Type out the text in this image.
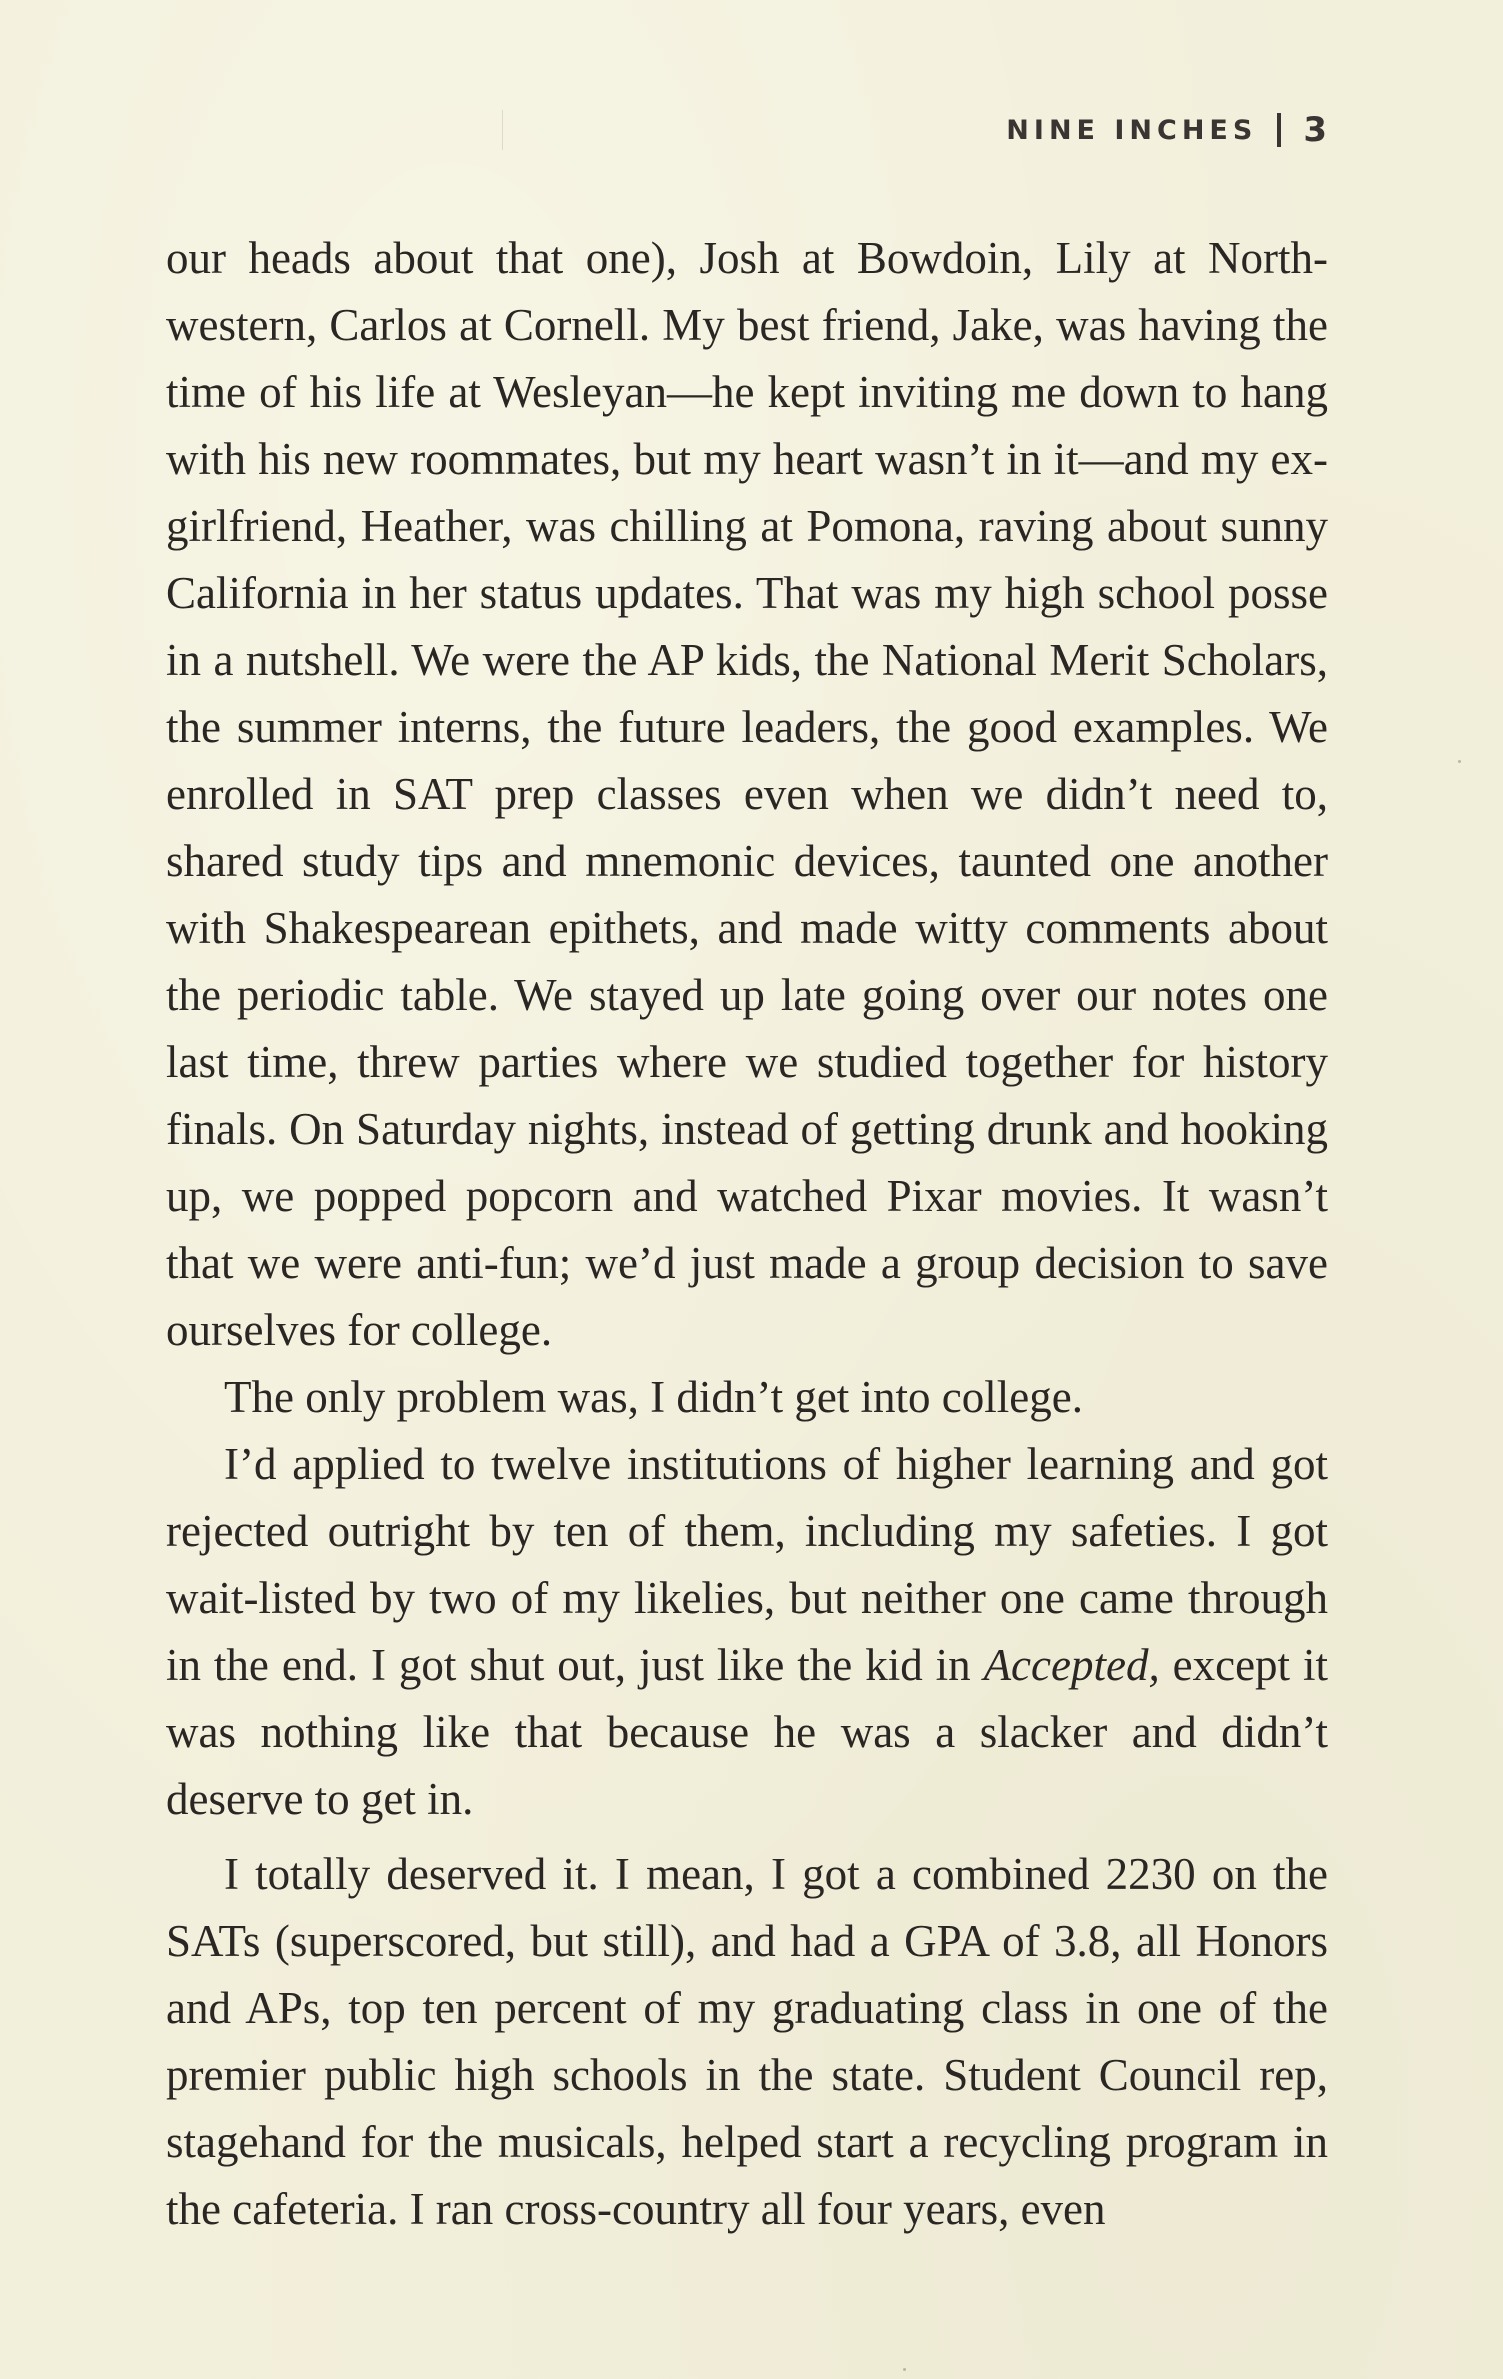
NINE INCHES 3

our heads about that one), Josh at Bowdoin, Lily at Northwestern, Carlos at Cornell. My best friend, Jake, was having the time of his life at Wesleyan—he kept inviting me down to hang with his new roommates, but my heart wasn’t in it—and my ex-girlfriend, Heather, was chilling at Pomona, raving about sunny California in her status updates. That was my high school posse in a nutshell. We were the AP kids, the National Merit Scholars, the summer interns, the future leaders, the good examples. We enrolled in SAT prep classes even when we didn’t need to, shared study tips and mnemonic devices, taunted one another with Shakespearean epithets, and made witty comments about the periodic table. We stayed up late going over our notes one last time, threw parties where we studied together for history finals. On Saturday nights, instead of getting drunk and hooking up, we popped popcorn and watched Pixar movies. It wasn’t that we were anti-fun; we’d just made a group decision to save ourselves for college.

The only problem was, I didn’t get into college.

I’d applied to twelve institutions of higher learning and got rejected outright by ten of them, including my safeties. I got wait-listed by two of my likelies, but neither one came through in the end. I got shut out, just like the kid in Accepted, except it was nothing like that because he was a slacker and didn’t deserve to get in.

I totally deserved it. I mean, I got a combined 2230 on the SATs (superscored, but still), and had a GPA of 3.8, all Honors and APs, top ten percent of my graduating class in one of the premier public high schools in the state. Student Council rep, stagehand for the musicals, helped start a recycling program in the cafeteria. I ran cross-country all four years, even
